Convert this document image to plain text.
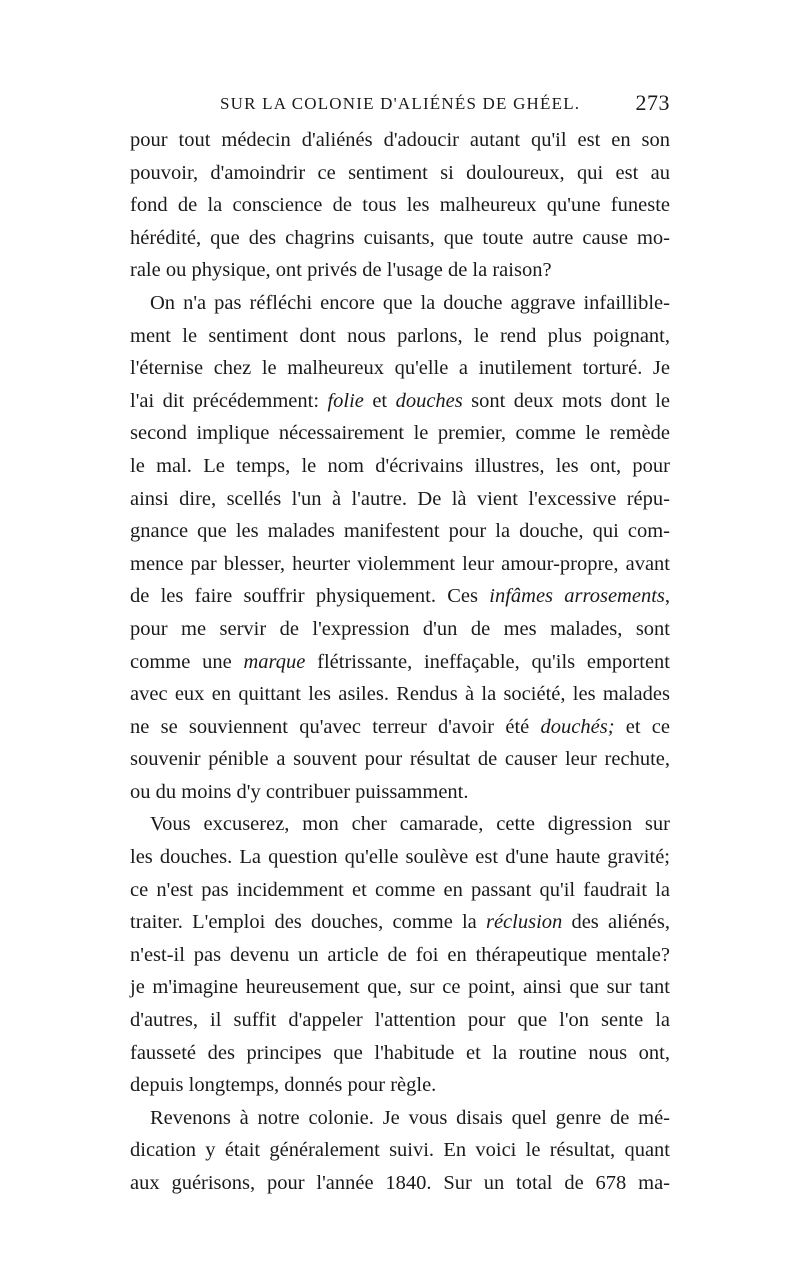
SUR LA COLONIE D'ALIÉNÉS DE GHÉEL.	273
pour tout médecin d'aliénés d'adoucir autant qu'il est en son
pouvoir, d'amoindrir ce sentiment si douloureux, qui est au
fond de la conscience de tous les malheureux qu'une funeste
hérédité, que des chagrins cuisants, que toute autre cause mo-
rale ou physique, ont privés de l'usage de la raison?
On n'a pas réfléchi encore que la douche aggrave infaillible-
ment le sentiment dont nous parlons, le rend plus poignant,
l'éternise chez le malheureux qu'elle a inutilement torturé. Je
l'ai dit précédemment: folie et douches sont deux mots dont le
second implique nécessairement le premier, comme le remède
le mal. Le temps, le nom d'écrivains illustres, les ont, pour
ainsi dire, scellés l'un à l'autre. De là vient l'excessive répu-
gnance que les malades manifestent pour la douche, qui com-
mence par blesser, heurter violemment leur amour-propre, avant
de les faire souffrir physiquement. Ces infâmes arrosements,
pour me servir de l'expression d'un de mes malades, sont
comme une marque flétrissante, ineffaçable, qu'ils emportent
avec eux en quittant les asiles. Rendus à la société, les malades
ne se souviennent qu'avec terreur d'avoir été douchés; et ce
souvenir pénible a souvent pour résultat de causer leur rechute,
ou du moins d'y contribuer puissamment.
Vous excuserez, mon cher camarade, cette digression sur
les douches. La question qu'elle soulève est d'une haute gravité;
ce n'est pas incidemment et comme en passant qu'il faudrait la
traiter. L'emploi des douches, comme la réclusion des aliénés,
n'est-il pas devenu un article de foi en thérapeutique mentale?
je m'imagine heureusement que, sur ce point, ainsi que sur tant
d'autres, il suffit d'appeler l'attention pour que l'on sente la
fausseté des principes que l'habitude et la routine nous ont,
depuis longtemps, donnés pour règle.
Revenons à notre colonie. Je vous disais quel genre de mé-
dication y était généralement suivi. En voici le résultat, quant
aux guérisons, pour l'année 1840. Sur un total de 678 ma-
